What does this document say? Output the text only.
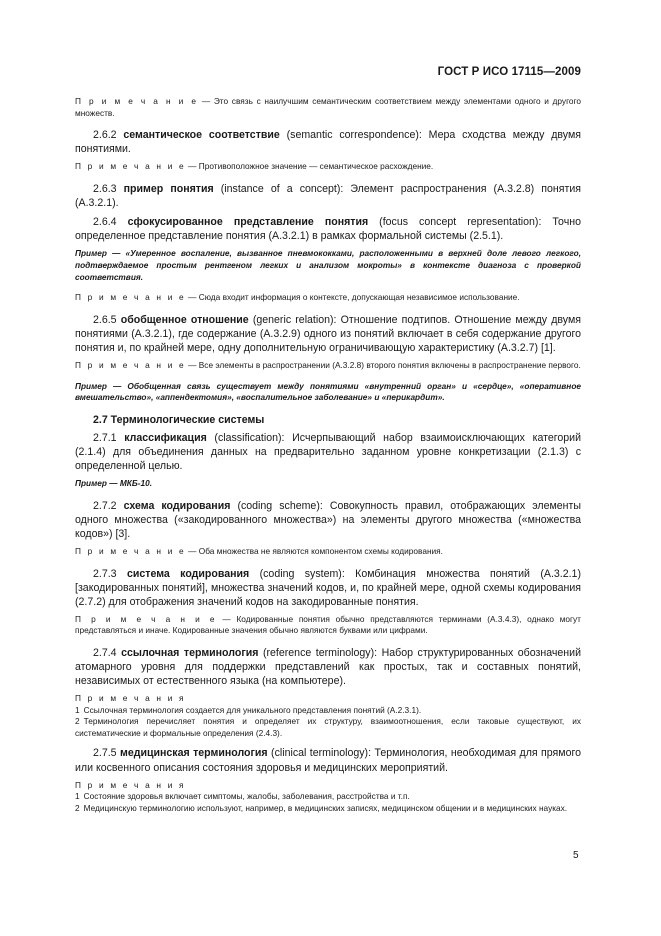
ГОСТ Р ИСО 17115—2009

П р и м е ч а н и е — Это связь с наилучшим семантическим соответствием между элементами одного и другого множеств.

2.6.2 семантическое соответствие (semantic correspondence): Мера сходства между двумя понятиями.

П р и м е ч а н и е — Противоположное значение — семантическое расхождение.

2.6.3 пример понятия (instance of a concept): Элемент распространения (А.3.2.8) понятия (А.3.2.1).

2.6.4 сфокусированное представление понятия (focus concept representation): Точно определенное представление понятия (А.3.2.1) в рамках формальной системы (2.5.1).

Пример — «Умеренное воспаление, вызванное пневмококками, расположенными в верхней доле левого легкого, подтверждаемое простым рентгеном легких и анализом мокроты» в контексте диагноза с проверкой соответствия.

П р и м е ч а н и е — Сюда входит информация о контексте, допускающая независимое использование.

2.6.5 обобщенное отношение (generic relation): Отношение подтипов. Отношение между двумя понятиями (А.3.2.1), где содержание (А.3.2.9) одного из понятий включает в себя содержание другого понятия и, по крайней мере, одну дополнительную ограничивающую характеристику (А.3.2.7) [1].

П р и м е ч а н и е — Все элементы в распространении (А.3.2.8) второго понятия включены в распространение первого.

Пример — Обобщенная связь существует между понятиями «внутренний орган» и «сердце», «оперативное вмешательство», «аппендектомия», «воспалительное заболевание» и «перикардит».

2.7 Терминологические системы

2.7.1 классификация (classification): Исчерпывающий набор взаимоисключающих категорий (2.1.4) для объединения данных на предварительно заданном уровне конкретизации (2.1.3) с определенной целью.

Пример — МКБ-10.

2.7.2 схема кодирования (coding scheme): Совокупность правил, отображающих элементы одного множества («закодированного множества») на элементы другого множества («множества кодов») [3].

П р и м е ч а н и е — Оба множества не являются компонентом схемы кодирования.

2.7.3 система кодирования (coding system): Комбинация множества понятий (А.3.2.1) [закодированных понятий], множества значений кодов, и, по крайней мере, одной схемы кодирования (2.7.2) для отображения значений кодов на закодированные понятия.

П р и м е ч а н и е — Кодированные понятия обычно представляются терминами (А.3.4.3), однако могут представляться и иначе. Кодированные значения обычно являются буквами или цифрами.

2.7.4 ссылочная терминология (reference terminology): Набор структурированных обозначений атомарного уровня для поддержки представлений как простых, так и составных понятий, независимых от естественного языка (на компьютере).

П р и м е ч а н и я

1 Ссылочная терминология создается для уникального представления понятий (А.2.3.1).

2 Терминология перечисляет понятия и определяет их структуру, взаимоотношения, если таковые существуют, их систематические и формальные определения (2.4.3).

2.7.5 медицинская терминология (clinical terminology): Терминология, необходимая для прямого или косвенного описания состояния здоровья и медицинских мероприятий.

П р и м е ч а н и я

1 Состояние здоровья включает симптомы, жалобы, заболевания, расстройства и т.п.

2 Медицинскую терминологию используют, например, в медицинских записях, медицинском общении и в медицинских науках.

5
